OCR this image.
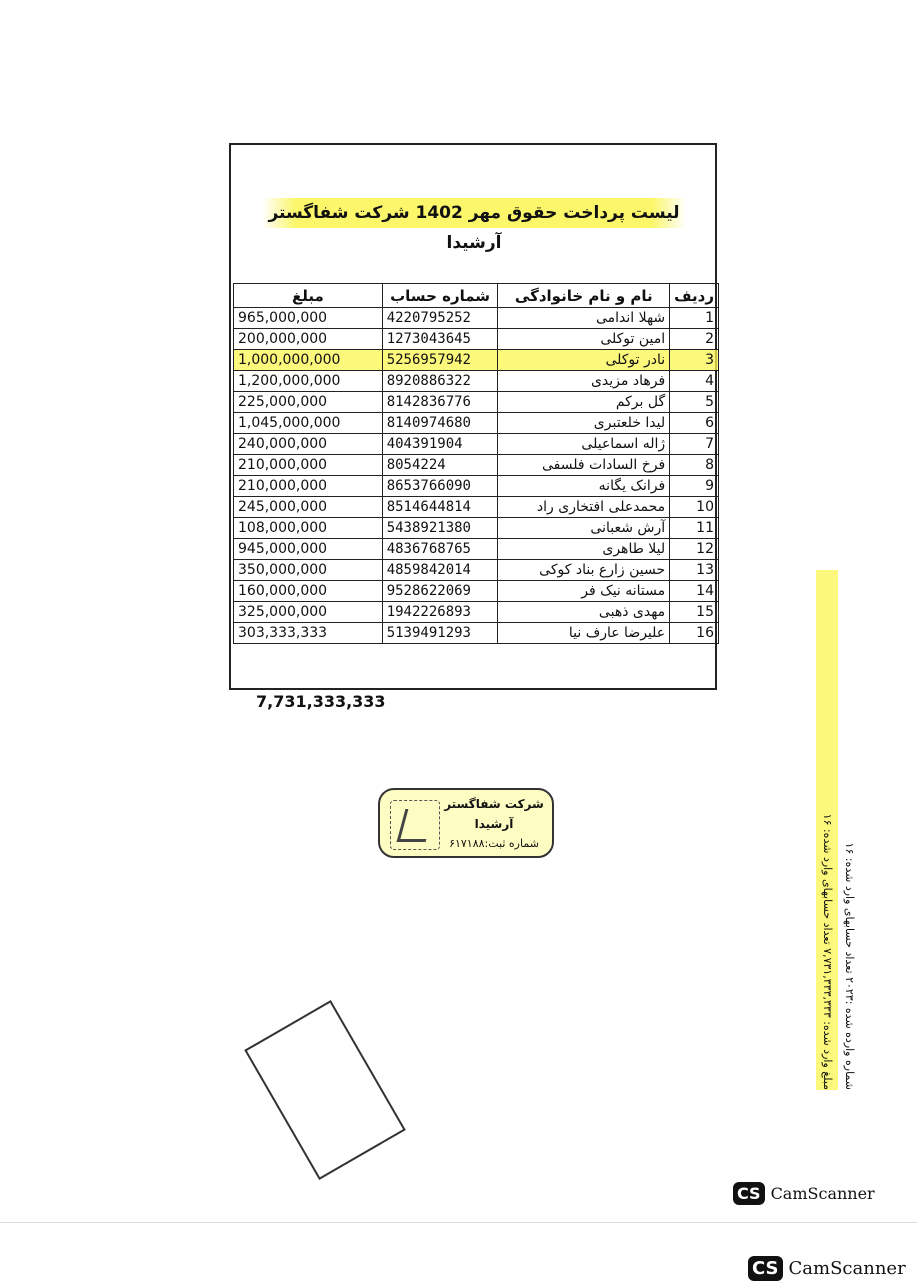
لیست پرداخت حقوق مهر 1402 شرکت شفاگستر آرشیدا
ردیف	نام و نام خانوادگی	شماره حساب	مبلغ
1	شهلا اندامی	4220795252	965,000,000
2	امین توکلی	1273043645	200,000,000
3	نادر توکلی	5256957942	1,000,000,000
4	فرهاد مزیدی	8920886322	1,200,000,000
5	گل برکم	8142836776	225,000,000
6	لیدا خلعتبری	8140974680	1,045,000,000
7	ژاله اسماعیلی	404391904	240,000,000
8	فرخ السادات فلسفی	8054224	210,000,000
9	فرانک یگانه	8653766090	210,000,000
10	محمدعلی افتخاری راد	8514644814	245,000,000
11	آرش شعبانی	5438921380	108,000,000
12	لیلا طاهری	4836768765	945,000,000
13	حسین زارع بناد کوکی	4859842014	350,000,000
14	مستانه نیک فر	9528622069	160,000,000
15	مهدی ذهبی	1942226893	325,000,000
16	علیرضا عارف نیا	5139491293	303,333,333
7,731,333,333
شرکت شفاگستر
آرشیدا
شماره ثبت:۶۱۷۱۸۸	شماره وارده شده :۲۰۲۳ تعداد حسابهای وارد شده: ۱۶
مبلغ وارد شده: ۷,۷۳۱,۳۳۳,۳۳۳ تعداد حسابهای وارد شده: ۱۶
CS CamScanner
CS CamScanner
